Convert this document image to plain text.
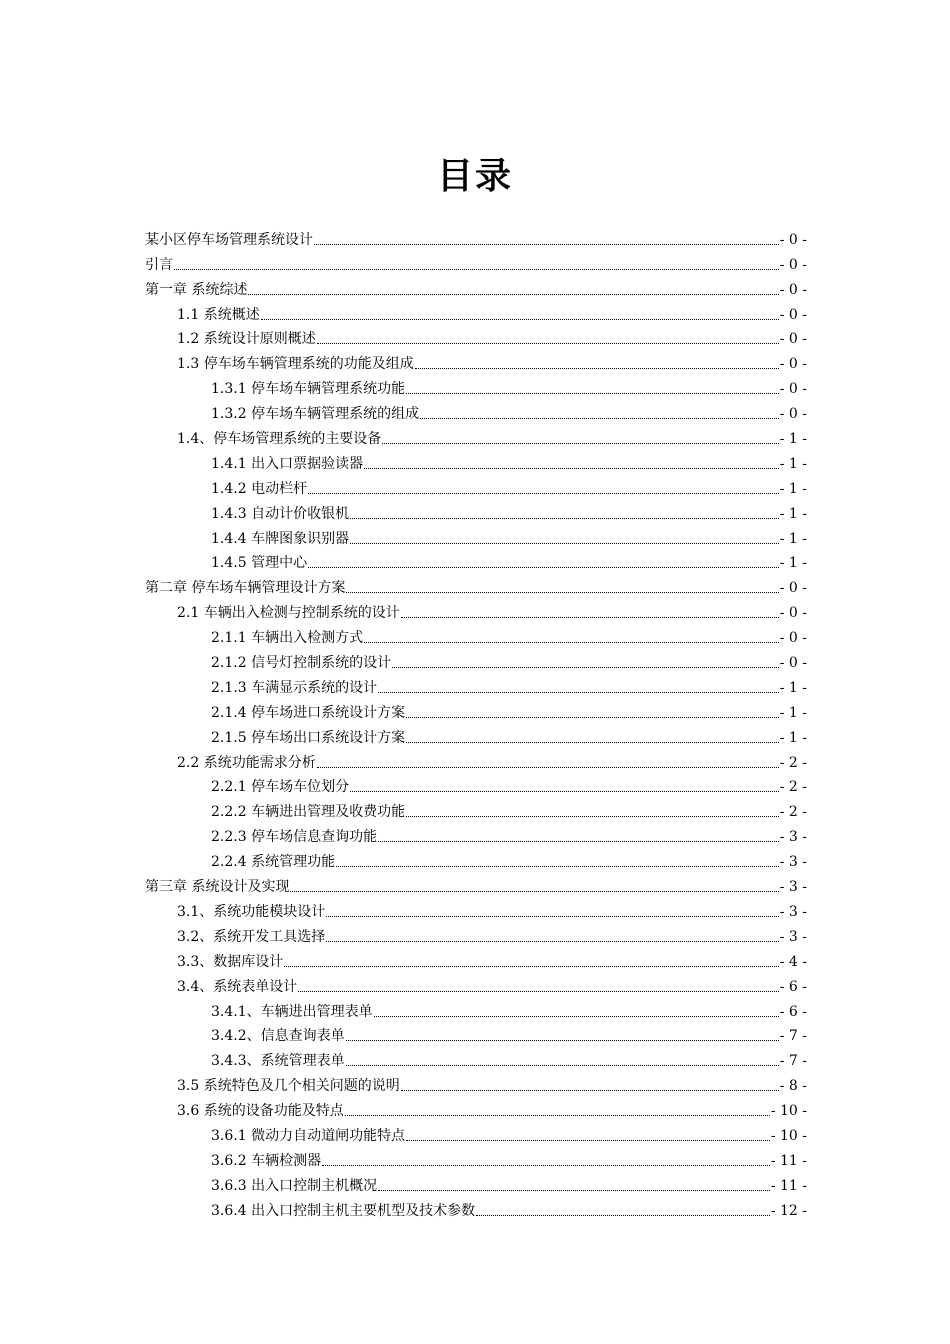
目录
某小区停车场管理系统设计	- 0 -
引言	- 0 -
第一章 系统综述	- 0 -
1.1 系统概述	- 0 -
1.2 系统设计原则概述	- 0 -
1.3 停车场车辆管理系统的功能及组成	- 0 -
1.3.1 停车场车辆管理系统功能	- 0 -
1.3.2 停车场车辆管理系统的组成	- 0 -
1.4、停车场管理系统的主要设备	- 1 -
1.4.1 出入口票据验读器	- 1 -
1.4.2 电动栏杆	- 1 -
1.4.3 自动计价收银机	- 1 -
1.4.4 车牌图象识别器	- 1 -
1.4.5 管理中心	- 1 -
第二章 停车场车辆管理设计方案	- 0 -
2.1 车辆出入检测与控制系统的设计	- 0 -
2.1.1 车辆出入检测方式	- 0 -
2.1.2 信号灯控制系统的设计	- 0 -
2.1.3 车满显示系统的设计	- 1 -
2.1.4 停车场进口系统设计方案	- 1 -
2.1.5 停车场出口系统设计方案	- 1 -
2.2 系统功能需求分析	- 2 -
2.2.1 停车场车位划分	- 2 -
2.2.2 车辆进出管理及收费功能	- 2 -
2.2.3 停车场信息查询功能	- 3 -
2.2.4 系统管理功能	- 3 -
第三章 系统设计及实现	- 3 -
3.1、系统功能模块设计	- 3 -
3.2、系统开发工具选择	- 3 -
3.3、数据库设计	- 4 -
3.4、系统表单设计	- 6 -
3.4.1、车辆进出管理表单	- 6 -
3.4.2、信息查询表单	- 7 -
3.4.3、系统管理表单	- 7 -
3.5 系统特色及几个相关问题的说明	- 8 -
3.6 系统的设备功能及特点	- 10 -
3.6.1 微动力自动道闸功能特点	- 10 -
3.6.2 车辆检测器	- 11 -
3.6.3 出入口控制主机概况	- 11 -
3.6.4 出入口控制主机主要机型及技术参数	- 12 -
